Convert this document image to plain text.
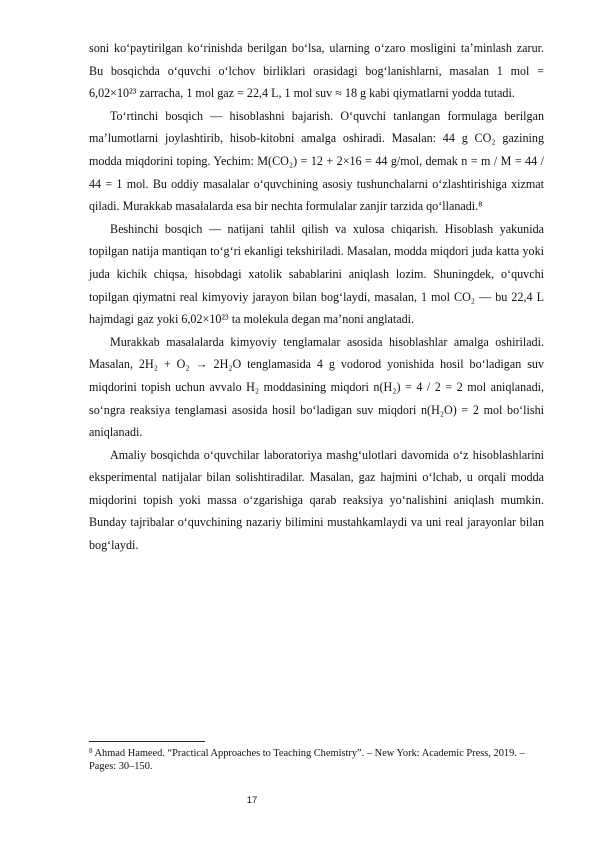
soni ko‘paytirilgan ko‘rinishda berilgan bo‘lsa, ularning o‘zaro mosligini ta’minlash zarur. Bu bosqichda o‘quvchi o‘lchov birliklari orasidagi bog‘lanishlarni, masalan 1 mol = 6,02×10²³ zarracha, 1 mol gaz = 22,4 L, 1 mol suv ≈ 18 g kabi qiymatlarni yodda tutadi.

To‘rtinchi bosqich — hisoblashni bajarish. O‘quvchi tanlangan formulaga berilgan ma’lumotlarni joylashtirib, hisob-kitobni amalga oshiradi. Masalan: 44 g CO₂ gazining modda miqdorini toping. Yechim: M(CO₂) = 12 + 2×16 = 44 g/mol, demak n = m / M = 44 / 44 = 1 mol. Bu oddiy masalalar o‘quvchining asosiy tushunchalarni o‘zlashtirishiga xizmat qiladi. Murakkab masalalarda esa bir nechta formulalar zanjir tarzida qo‘llanadi.⁸

Beshinchi bosqich — natijani tahlil qilish va xulosa chiqarish. Hisoblash yakunida topilgan natija mantiqan to‘g‘ri ekanligi tekshiriladi. Masalan, modda miqdori juda katta yoki juda kichik chiqsa, hisobdagi xatolik sabablarini aniqlash lozim. Shuningdek, o‘quvchi topilgan qiymatni real kimyoviy jarayon bilan bog‘laydi, masalan, 1 mol CO₂ — bu 22,4 L hajmdagi gaz yoki 6,02×10²³ ta molekula degan ma’noni anglatadi.

Murakkab masalalarda kimyoviy tenglamalar asosida hisoblashlar amalga oshiriladi. Masalan, 2H₂ + O₂ → 2H₂O tenglamasida 4 g vodorod yonishida hosil bo‘ladigan suv miqdorini topish uchun avvalo H₂ moddasining miqdori n(H₂) = 4 / 2 = 2 mol aniqlanadi, so‘ngra reaksiya tenglamasi asosida hosil bo‘ladigan suv miqdori n(H₂O) = 2 mol bo‘lishi aniqlanadi.

Amaliy bosqichda o‘quvchilar laboratoriya mashg‘ulotlari davomida o‘z hisoblashlarini eksperimental natijalar bilan solishtiradilar. Masalan, gaz hajmini o‘lchab, u orqali modda miqdorini topish yoki massa o‘zgarishiga qarab reaksiya yo‘nalishini aniqlash mumkin. Bunday tajribalar o‘quvchining nazariy bilimini mustahkamlaydi va uni real jarayonlar bilan bog‘laydi.

$^8$ Ahmad Hameed. “Practical Approaches to Teaching Chemistry”. – New York: Academic Press, 2019. – Pages: 30–150.
17
